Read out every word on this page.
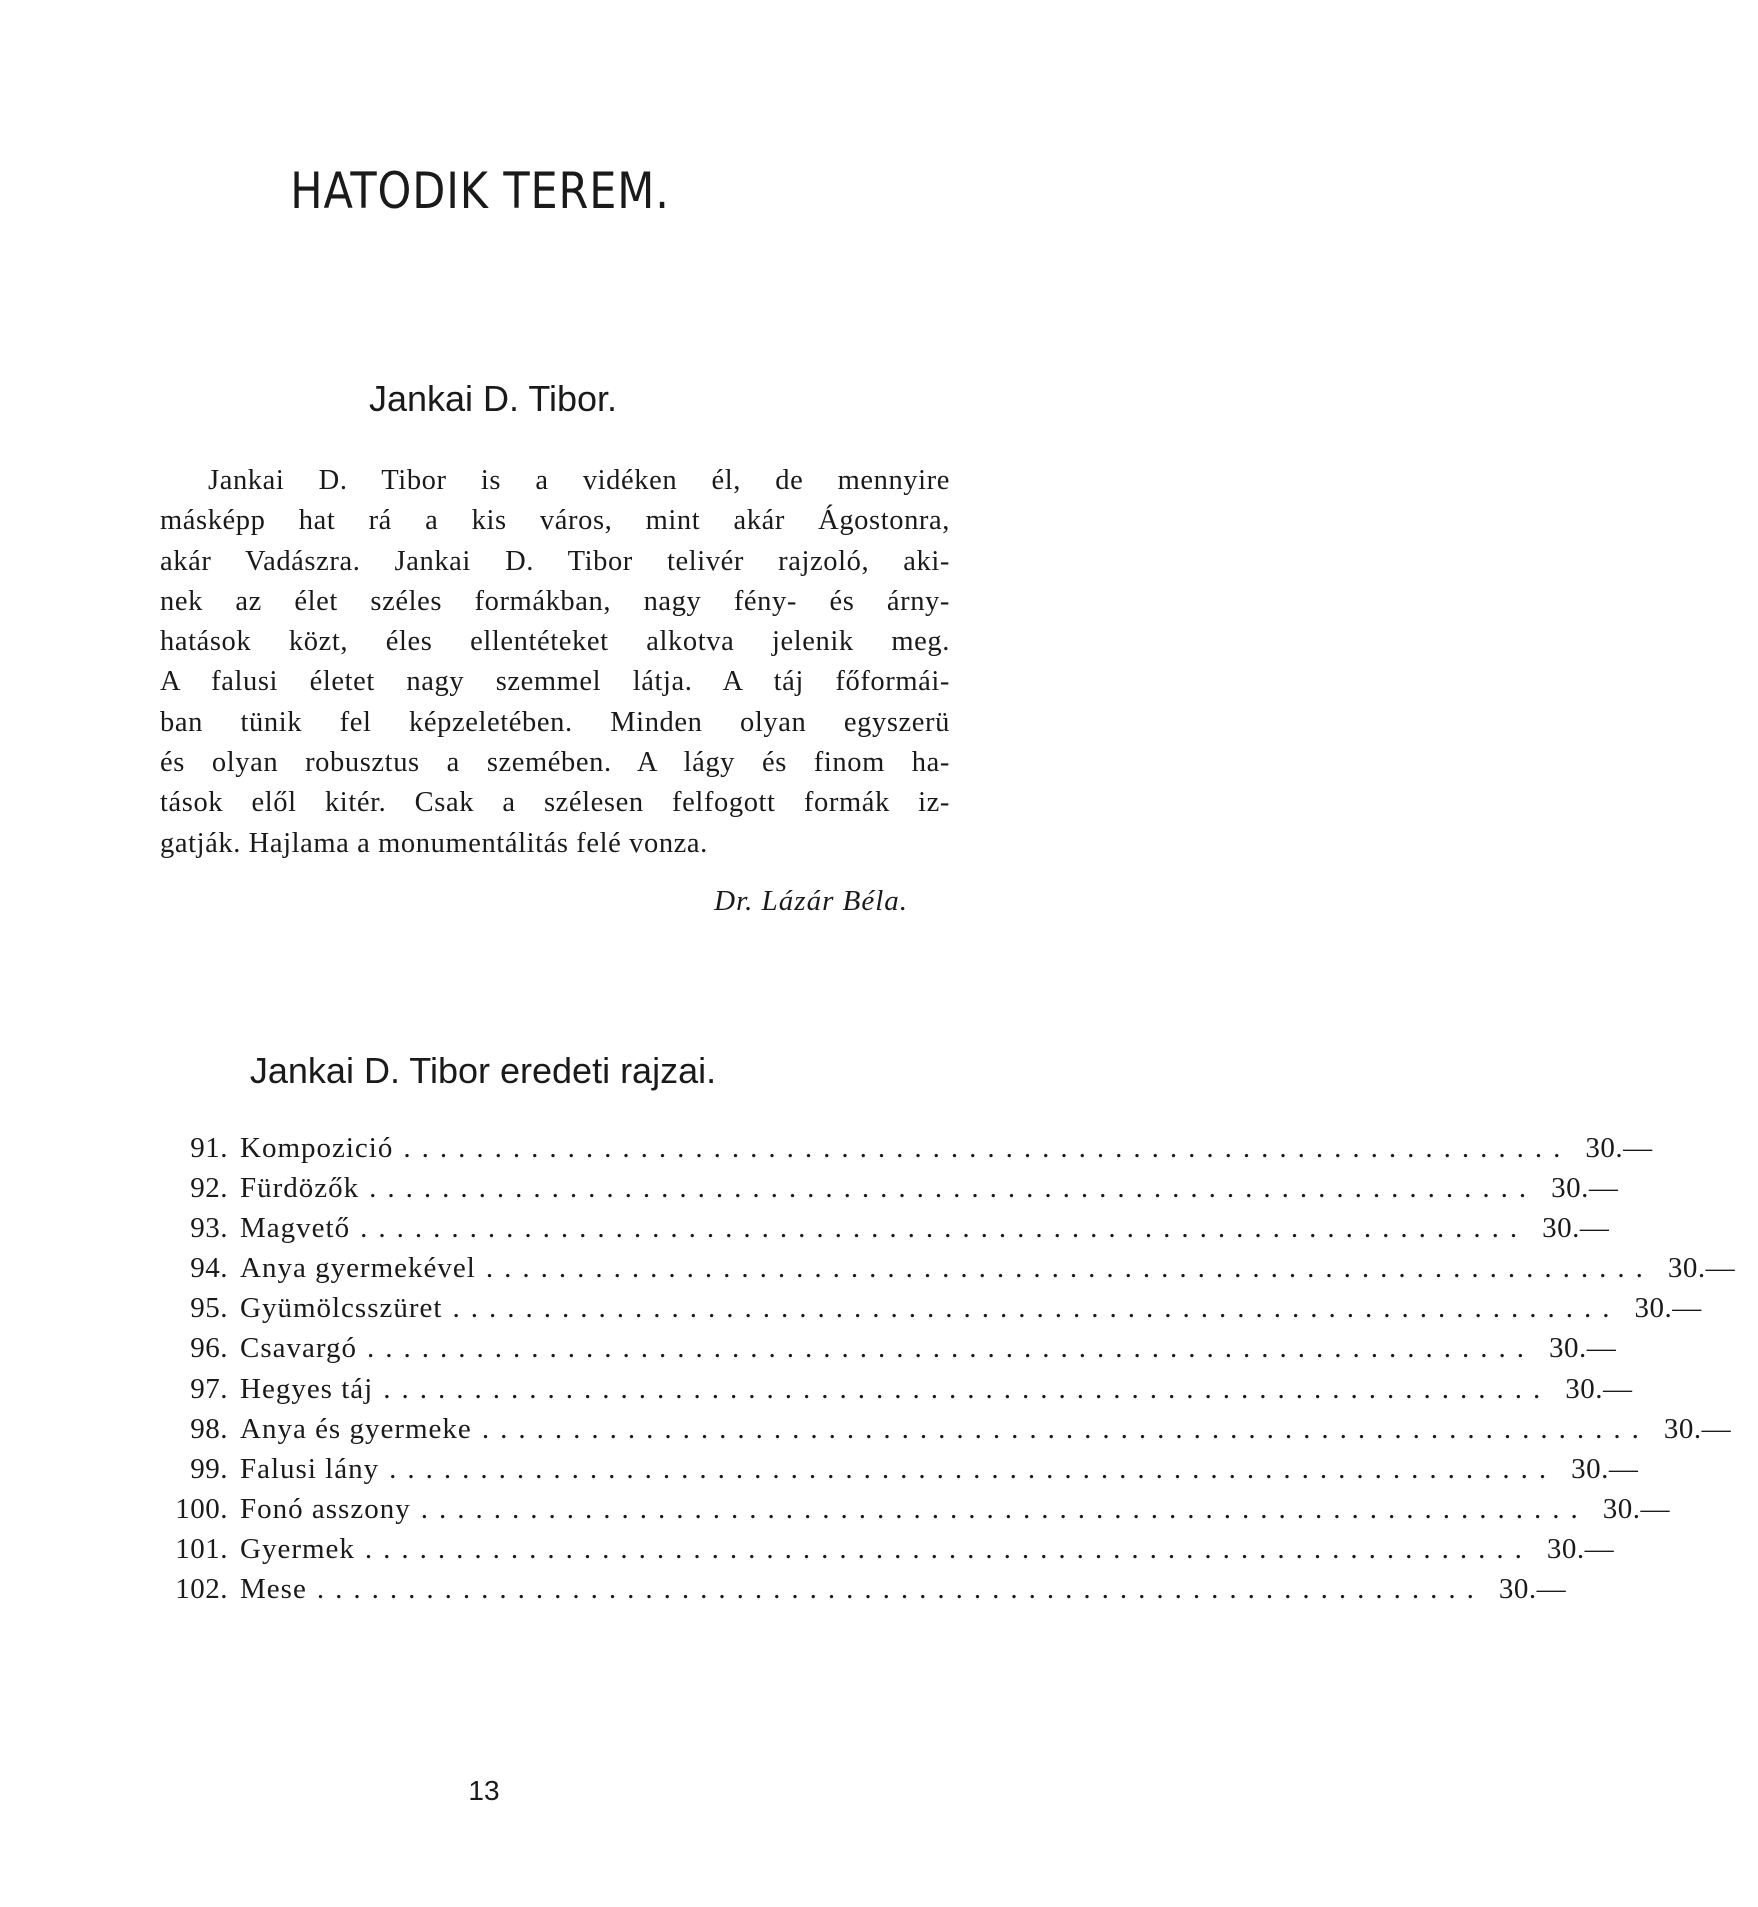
HATODIK TEREM.
Jankai D. Tibor.
Jankai D. Tibor is a vidéken él, de mennyire
másképp hat rá a kis város, mint akár Ágostonra,
akár Vadászra. Jankai D. Tibor telivér rajzoló, aki-
nek az élet széles formákban, nagy fény- és árny-
hatások közt, éles ellentéteket alkotva jelenik meg.
A falusi életet nagy szemmel látja. A táj főformái-
ban tünik fel képzeletében. Minden olyan egyszerü
és olyan robusztus a szemében. A lágy és finom ha-
tások elől kitér. Csak a szélesen felfogott formák iz-
gatják. Hajlama a monumentálitás felé vonza.

Dr. Lázár Béla.

Jankai D. Tibor eredeti rajzai.
91. Kompozició ................................................................ 30.—
92. Fürdözők ................................................................ 30.—
93. Magvető ................................................................ 30.—
94. Anya gyermekével ................................................................ 30.—
95. Gyümölcsszüret ................................................................ 30.—
96. Csavargó ................................................................ 30.—
97. Hegyes táj ................................................................ 30.—
98. Anya és gyermeke ................................................................ 30.—
99. Falusi lány ................................................................ 30.—
100. Fonó asszony ................................................................ 30.—
101. Gyermek ................................................................ 30.—
102. Mese ................................................................ 30.—

13
